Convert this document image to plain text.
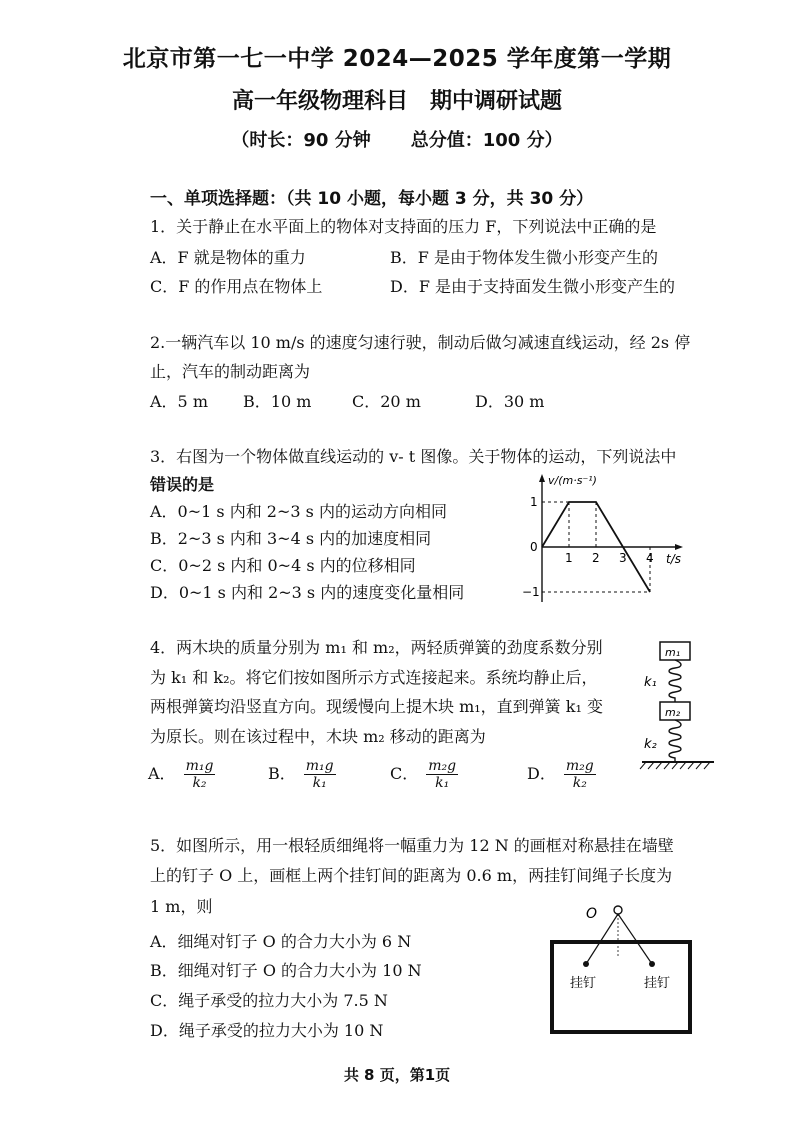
北京市第一七一中学 2024—2025 学年度第一学期
高一年级物理科目　期中调研试题
（时长：90 分钟 总分值：100 分）
一、单项选择题：（共 10 小题，每小题 3 分，共 30 分）
1．关于静止在水平面上的物体对支持面的压力 F，下列说法中正确的是
A．F 就是物体的重力	B．F 是由于物体发生微小形变产生的
C．F 的作用点在物体上	D．F 是由于支持面发生微小形变产生的
2.一辆汽车以 10 m/s 的速度匀速行驶，制动后做匀减速直线运动，经 2s 停
止，汽车的制动距离为
A．5 m B．10 m	C．20 m	D．30 m
3．右图为一个物体做直线运动的 v- t 图像。关于物体的运动，下列说法中
错误的是
A．0~1 s 内和 2~3 s 内的运动方向相同
B．2~3 s 内和 3~4 s 内的加速度相同
C．0~2 s 内和 0~4 s 内的位移相同
D．0~1 s 内和 2~3 s 内的速度变化量相同
v/(m·s⁻¹)
t/s
1
0
−1
1 2 3 4
4．两木块的质量分别为 m₁ 和 m₂，两轻质弹簧的劲度系数分别
为 k₁ 和 k₂。将它们按如图所示方式连接起来。系统均静止后，
两根弹簧均沿竖直方向。现缓慢向上提木块 m₁，直到弹簧 k₁ 变
为原长。则在该过程中，木块 m₂ 移动的距离为
A． $\frac{\text{m₁g}}{\text{k₂}}$	B． $\frac{\text{m₁g}}{\text{k₁}}$	C． $\frac{\text{m₂g}}{\text{k₁}}$	D． $\frac{\text{m₂g}}{\text{k₂}}$
m₁
k₁
m₂
k₂
5．如图所示，用一根轻质细绳将一幅重力为 12 N 的画框对称悬挂在墙壁
上的钉子 O 上，画框上两个挂钉间的距离为 0.6 m，两挂钉间绳子长度为
1 m，则
A．细绳对钉子 O 的合力大小为 6 N
B．细绳对钉子 O 的合力大小为 10 N
C．绳子承受的拉力大小为 7.5 N
D．绳子承受的拉力大小为 10 N
O
挂钉	挂钉
共 8 页，第1页
